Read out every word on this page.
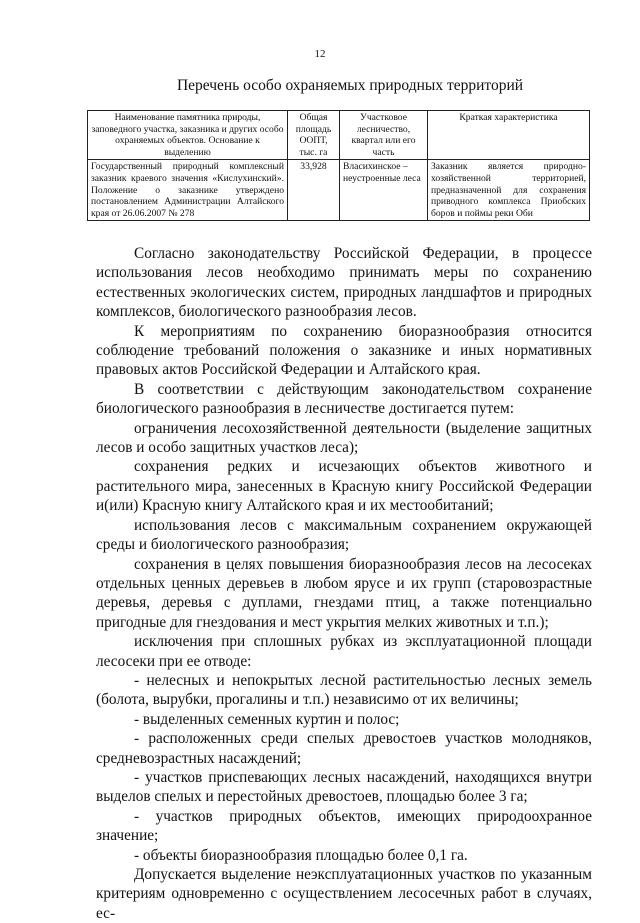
12
Перечень особо охраняемых природных территорий
Наименование памятника природы, заповедного участка, заказника и других особо охраняемых объектов. Основание к выделению	Общая площадь ООПТ, тыс. га	Участковое лесничество, квартал или его часть	Краткая характеристика
Государственный природный комплексный заказник краевого значения «Кислухинский». Положение о заказнике утверждено постановлением Администрации Алтайского края от 26.06.2007 № 278	33,928	Власихинское – неустроенные леса	Заказник является природно-хозяйственной территорией, предназначенной для сохранения приводного комплекса Приобских боров и поймы реки Оби

Согласно законодательству Российской Федерации, в процессе использования лесов необходимо принимать меры по сохранению естественных экологических систем, природных ландшафтов и природных комплексов, биологического разнообразия лесов.

К мероприятиям по сохранению биоразнообразия относится соблюдение требований положения о заказнике и иных нормативных правовых актов Российской Федерации и Алтайского края.

В соответствии с действующим законодательством сохранение биологического разнообразия в лесничестве достигается путем:

ограничения лесохозяйственной деятельности (выделение защитных лесов и особо защитных участков леса);

сохранения редких и исчезающих объектов животного и растительного мира, занесенных в Красную книгу Российской Федерации и(или) Красную книгу Алтайского края и их местообитаний;

использования лесов с максимальным сохранением окружающей среды и биологического разнообразия;

сохранения в целях повышения биоразнообразия лесов на лесосеках отдельных ценных деревьев в любом ярусе и их групп (старовозрастные деревья, деревья с дуплами, гнездами птиц, а также потенциально пригодные для гнездования и мест укрытия мелких животных и т.п.);

исключения при сплошных рубках из эксплуатационной площади лесосеки при ее отводе:

- нелесных и непокрытых лесной растительностью лесных земель (болота, вырубки, прогалины и т.п.) независимо от их величины;

- выделенных семенных куртин и полос;

- расположенных среди спелых древостоев участков молодняков, средневозрастных насаждений;

- участков приспевающих лесных насаждений, находящихся внутри выделов спелых и перестойных древостоев, площадью более 3 га;

- участков природных объектов, имеющих природоохранное значение;

- объекты биоразнообразия площадью более 0,1 га.

Допускается выделение неэксплуатационных участков по указанным критериям одновременно с осуществлением лесосечных работ в случаях, ес-
